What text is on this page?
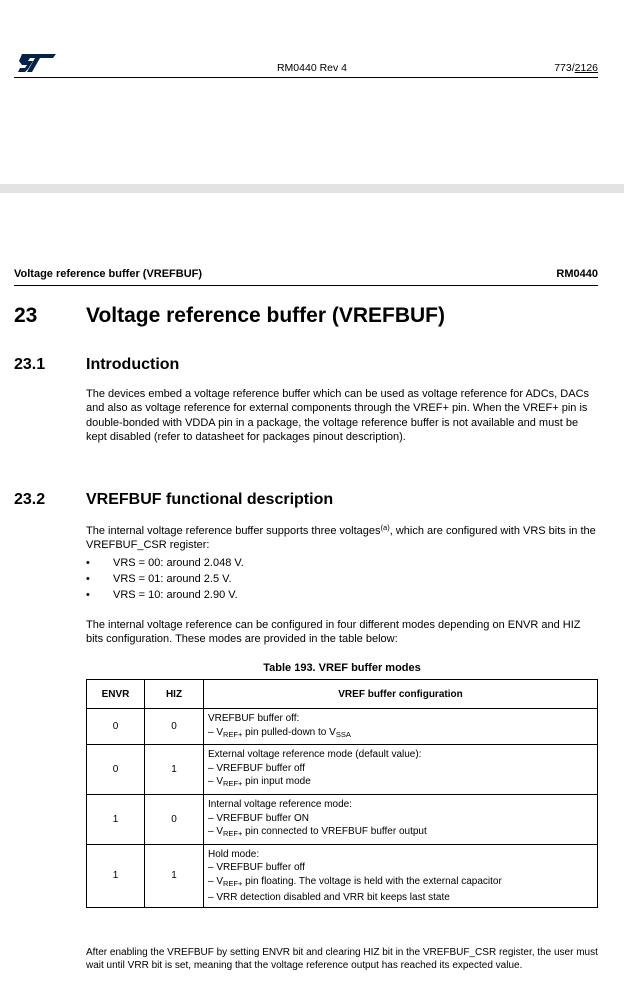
RM0440 Rev 4	773/2126
Voltage reference buffer (VREFBUF)	RM0440
23 Voltage reference buffer (VREFBUF)
23.1	Introduction
The devices embed a voltage reference buffer which can be used as voltage reference for ADCs, DACs and also as voltage reference for external components through the VREF+ pin. When the VREF+ pin is double-bonded with VDDA pin in a package, the voltage reference buffer is not available and must be kept disabled (refer to datasheet for packages pinout description).
23.2	VREFBUF functional description
The internal voltage reference buffer supports three voltages$^{(a)}$, which are configured with VRS bits in the VREFBUF_CSR register:
• VRS = 00: around 2.048 V.
• VRS = 01: around 2.5 V.
• VRS = 10: around 2.90 V.
The internal voltage reference can be configured in four different modes depending on ENVR and HIZ bits configuration. These modes are provided in the table below:
Table 193. VREF buffer modes
ENVR	HIZ	VREF buffer configuration
0	0	VREFBUF buffer off:
– $V_{REF+}$ pin pulled-down to $V_{SSA}$

0	1	External voltage reference mode (default value):
– VREFBUF buffer off
– $V_{REF+}$ pin input mode

1	0	Internal voltage reference mode:
– VREFBUF buffer ON
– $V_{REF+}$ pin connected to VREFBUF buffer output

1	1	Hold mode:
– VREFBUF buffer off
– $V_{REF+}$ pin floating. The voltage is held with the external capacitor
– VRR detection disabled and VRR bit keeps last state
After enabling the VREFBUF by setting ENVR bit and clearing HIZ bit in the VREFBUF_CSR register, the user must wait until VRR bit is set, meaning that the voltage reference output has reached its expected value.
